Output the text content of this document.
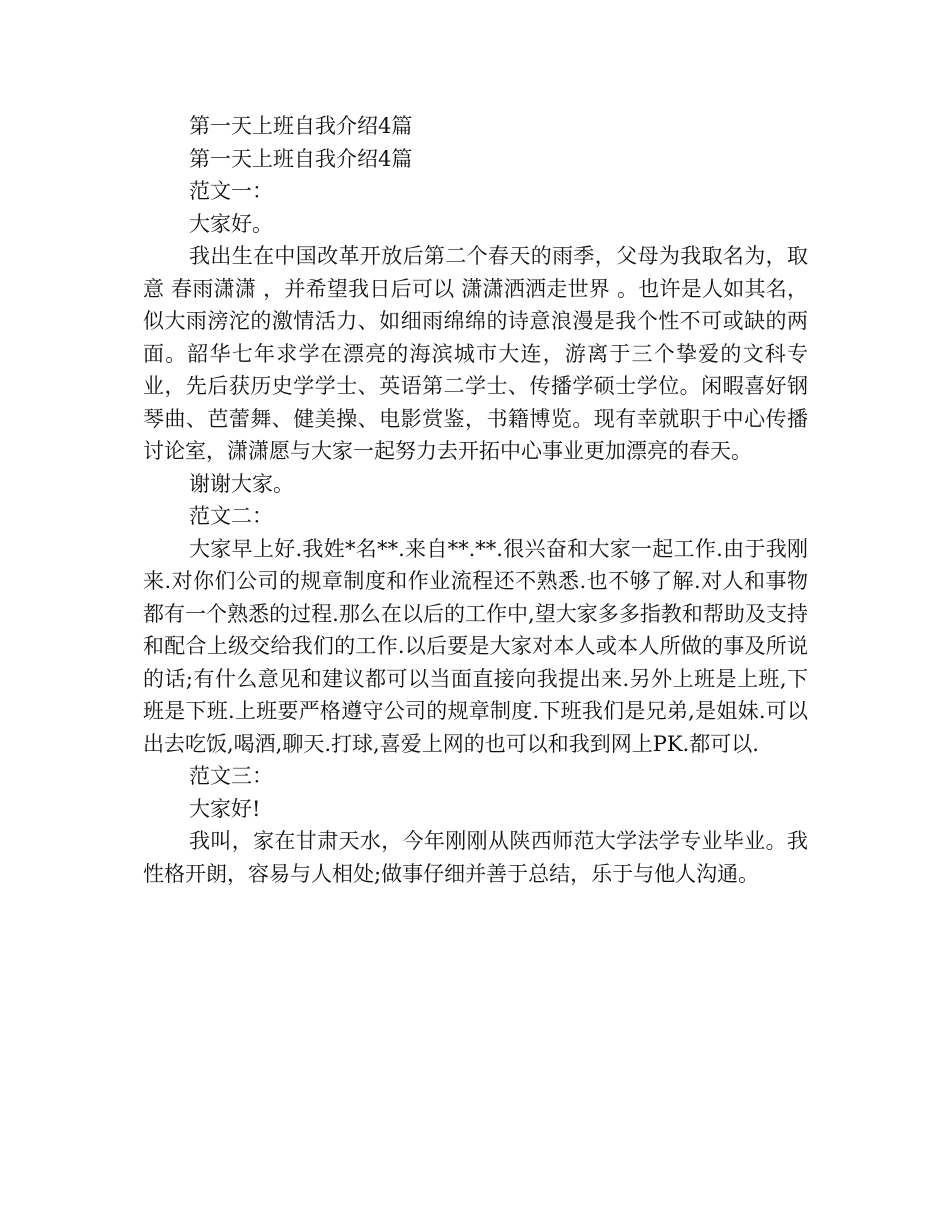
第一天上班自我介绍4篇

第一天上班自我介绍4篇

范文一：

大家好。

我出生在中国改革开放后第二个春天的雨季，父母为我取名为，取意 春雨潇潇 ，并希望我日后可以 潇潇洒洒走世界 。也许是人如其名，似大雨滂沱的激情活力、如细雨绵绵的诗意浪漫是我个性不可或缺的两面。韶华七年求学在漂亮的海滨城市大连，游离于三个挚爱的文科专业，先后获历史学学士、英语第二学士、传播学硕士学位。闲暇喜好钢琴曲、芭蕾舞、健美操、电影赏鉴，书籍博览。现有幸就职于中心传播讨论室，潇潇愿与大家一起努力去开拓中心事业更加漂亮的春天。

谢谢大家。

范文二：

大家早上好.我姓*名**.来自**.**.很兴奋和大家一起工作.由于我刚来.对你们公司的规章制度和作业流程还不熟悉.也不够了解.对人和事物都有一个熟悉的过程.那么在以后的工作中,望大家多多指教和帮助及支持和配合上级交给我们的工作.以后要是大家对本人或本人所做的事及所说的话;有什么意见和建议都可以当面直接向我提出来.另外上班是上班,下班是下班.上班要严格遵守公司的规章制度.下班我们是兄弟,是姐妹.可以出去吃饭,喝酒,聊天.打球,喜爱上网的也可以和我到网上PK.都可以.

范文三：

大家好!

我叫，家在甘肃天水，今年刚刚从陕西师范大学法学专业毕业。我性格开朗，容易与人相处;做事仔细并善于总结，乐于与他人沟通。
